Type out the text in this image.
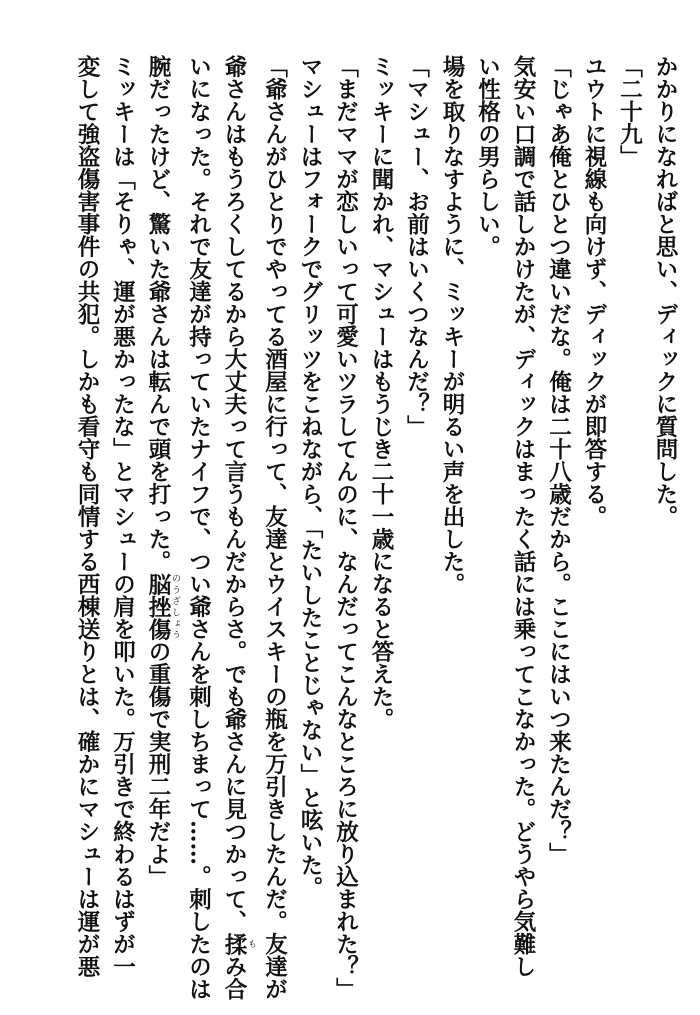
かかりになればと思い、ディックに質問した。
「二十九」
ユウトに視線も向けず、ディックが即答する。
「じゃあ俺とひとつ違いだな。俺は二十八歳だから。ここにはいつ来たんだ？」
気安い口調で話しかけたが、ディックはまったく話には乗ってこなかった。どうやら気難し
い性格の男らしい。
場を取りなすように、ミッキーが明るい声を出した。
「マシュー、お前はいくつなんだ？」
ミッキーに聞かれ、マシューはもうじき二十一歳になると答えた。
「まだママが恋しいって可愛いツラしてんのに、なんだってこんなところに放り込まれた？」
マシューはフォークでグリッツをこねながら、「たいしたことじゃない」と呟いた。
「爺さんがひとりでやってる酒屋に行って、友達とウイスキーの瓶を万引きしたんだ。友達が
爺さんはもうろくしてるから大丈夫って言うもんだからさ。でも爺さんに見つかって、揉 もみ合
いになった。それで友達が持っていたナイフで、つい爺さんを刺しちまって……。刺したのは
腕だったけど、驚いた爺さんは転んで頭を打った。脳挫傷 のうざしょうの重傷で実刑二年だよ」
ミッキーは「そりゃ、運が悪かったな」とマシューの肩を叩いた。万引きで終わるはずが一
変して強盗傷害事件の共犯。しかも看守も同情する西棟送りとは、確かにマシューは運が悪
